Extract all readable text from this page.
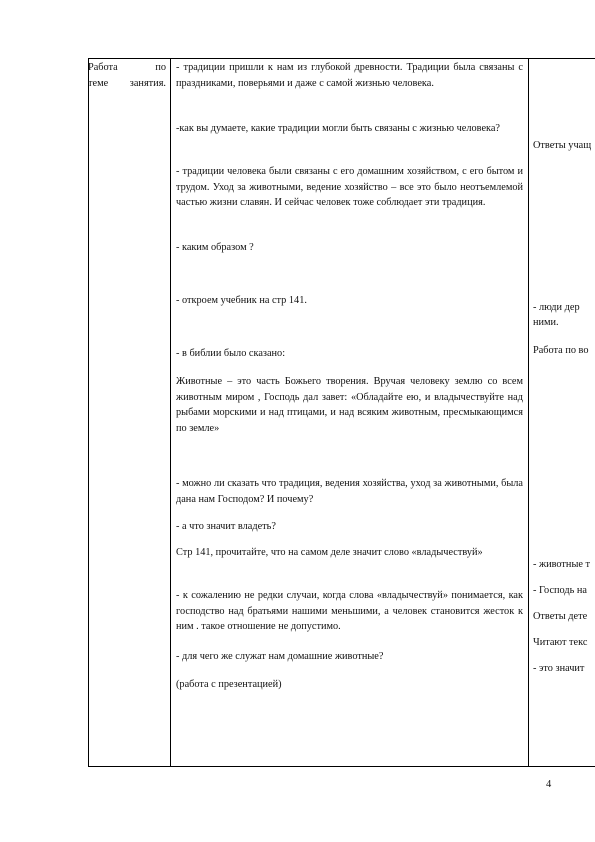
Работа по
теме занятия.

- традиции пришли к нам из глубокой древности. Традиции была связаны с праздниками, поверьями и даже с самой жизнью человека.

-как вы думаете, какие традиции могли быть связаны с жизнью человека?

- традиции человека были связаны с его домашним хозяйством, с его бытом и трудом. Уход за животными, ведение хозяйство – все это было неотъемлемой частью жизни славян. И сейчас человек тоже соблюдает эти традиция.

- каким образом ?

- откроем учебник на стр 141.

- в библии было сказано:

Животные – это часть Божьего творения. Вручая человеку землю со всем животным миром , Господь дал завет: «Обладайте ею, и владычествуйте над рыбами морскими и над птицами, и над всяким животным, пресмыкающимся по земле»

- можно ли сказать что традиция, ведения хозяйства, уход за животными, была дана нам Господом? И почему?

- а что значит владеть?

Стр 141, прочитайте, что на самом деле значит слово «владычествуй»

- к сожалению не редки случаи, когда слова «владычествуй» понимается, как господство над братьями нашими меньшими, а человек становится жесток к ним . такое отношение не допустимо.

- для чего же служат нам домашние животные?

(работа с презентацией)

Ответы учащ

- люди дер

ними.

Работа по во

- животные т

- Господь на

Ответы дете

Читают текс

- это значит

4
